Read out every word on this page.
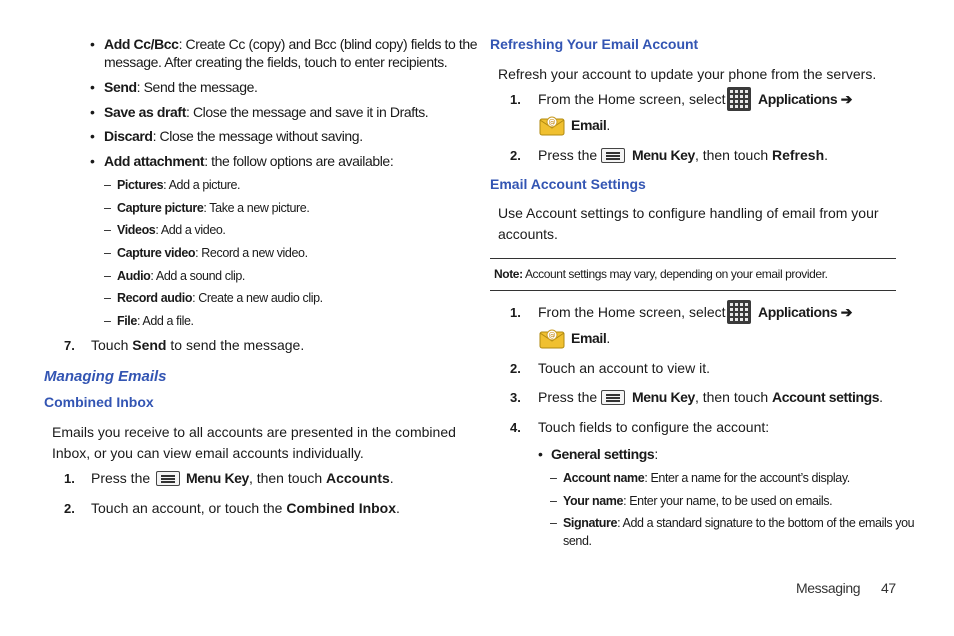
• Add Cc/Bcc: Create Cc (copy) and Bcc (blind copy) fields to the
message. After creating the fields, touch to enter recipients.
• Send: Send the message.
• Save as draft: Close the message and save it in Drafts.
• Discard: Close the message without saving.
• Add attachment: the follow options are available:
– Pictures: Add a picture.
– Capture picture: Take a new picture.
– Videos: Add a video.
– Capture video: Record a new video.
– Audio: Add a sound clip.
– Record audio: Create a new audio clip.
– File: Add a file.
7. Touch Send to send the message.
Managing Emails
Combined Inbox
Emails you receive to all accounts are presented in the combined
Inbox, or you can view email accounts individually.
1. Press the	Menu Key, then touch Accounts.
2. Touch an account, or touch the Combined Inbox.
Refreshing Your Email Account
Refresh your account to update your phone from the servers.
1. From the Home screen, select Applications ➔
@ Email.
2. Press the Menu Key, then touch Refresh.
Email Account Settings
Use Account settings to configure handling of email from your
accounts.
Note: Account settings may vary, depending on your email provider.
1. From the Home screen, select Applications ➔
@ Email.
2. Touch an account to view it.
3. Press the Menu Key, then touch Account settings.
4. Touch fields to configure the account:
• General settings:
– Account name: Enter a name for the account’s display.
– Your name: Enter your name, to be used on emails.
– Signature: Add a standard signature to the bottom of the emails you
send.
Messaging 47
